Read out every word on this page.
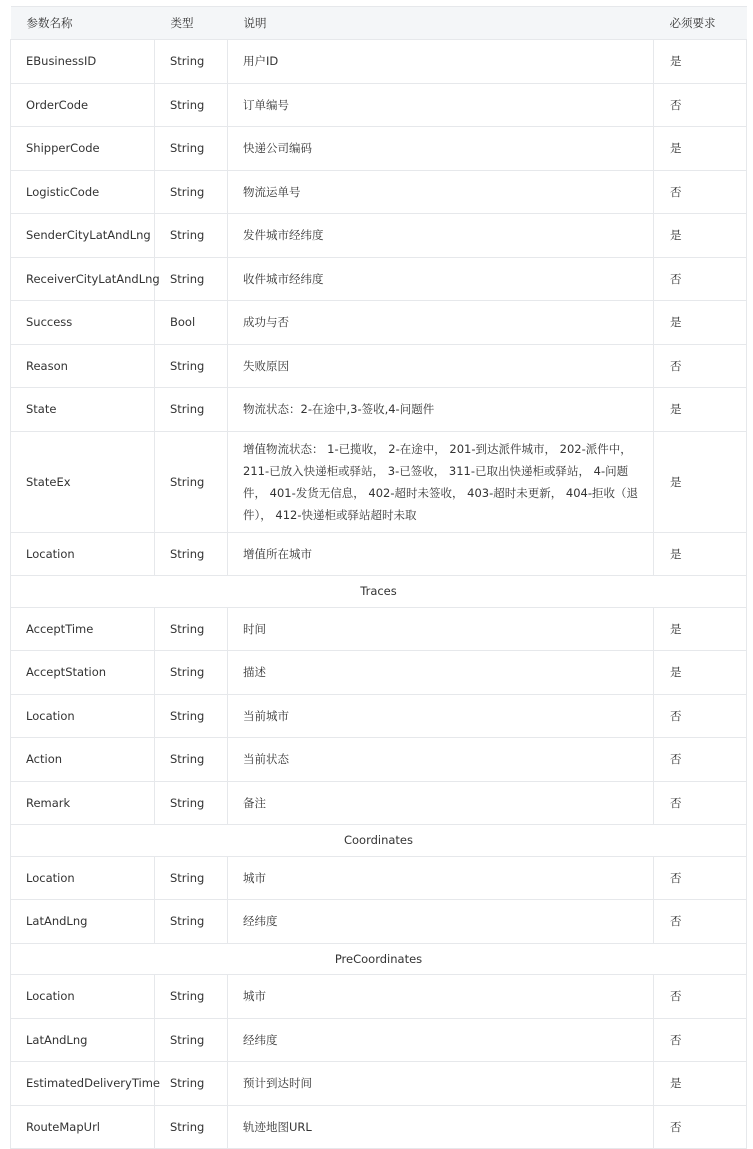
参数名称	类型	说明	必须要求
EBusinessID	String	用户ID	是
OrderCode	String	订单编号	否
ShipperCode	String	快递公司编码	是
LogisticCode	String	物流运单号	否
SenderCityLatAndLng	String	发件城市经纬度	是
ReceiverCityLatAndLng	String	收件城市经纬度	否
Success	Bool	成功与否	是
Reason	String	失败原因	否
State	String	物流状态：2-在途中,3-签收,4-问题件	是
StateEx	String	增值物流状态： 1-已揽收， 2-在途中， 201-到达派件城市， 202-派件中， 211-已放入快递柜或驿站， 3-已签收， 311-已取出快递柜或驿站， 4-问题件， 401-发货无信息， 402-超时未签收， 403-超时未更新， 404-拒收（退件）， 412-快递柜或驿站超时未取	是
Location	String	增值所在城市	是
Traces			
AcceptTime	String	时间	是
AcceptStation	String	描述	是
Location	String	当前城市	否
Action	String	当前状态	否
Remark	String	备注	否
Coordinates			
Location	String	城市	否
LatAndLng	String	经纬度	否
PreCoordinates			
Location	String	城市	否
LatAndLng	String	经纬度	否
EstimatedDeliveryTime	String	预计到达时间	是
RouteMapUrl	String	轨迹地图URL	否
